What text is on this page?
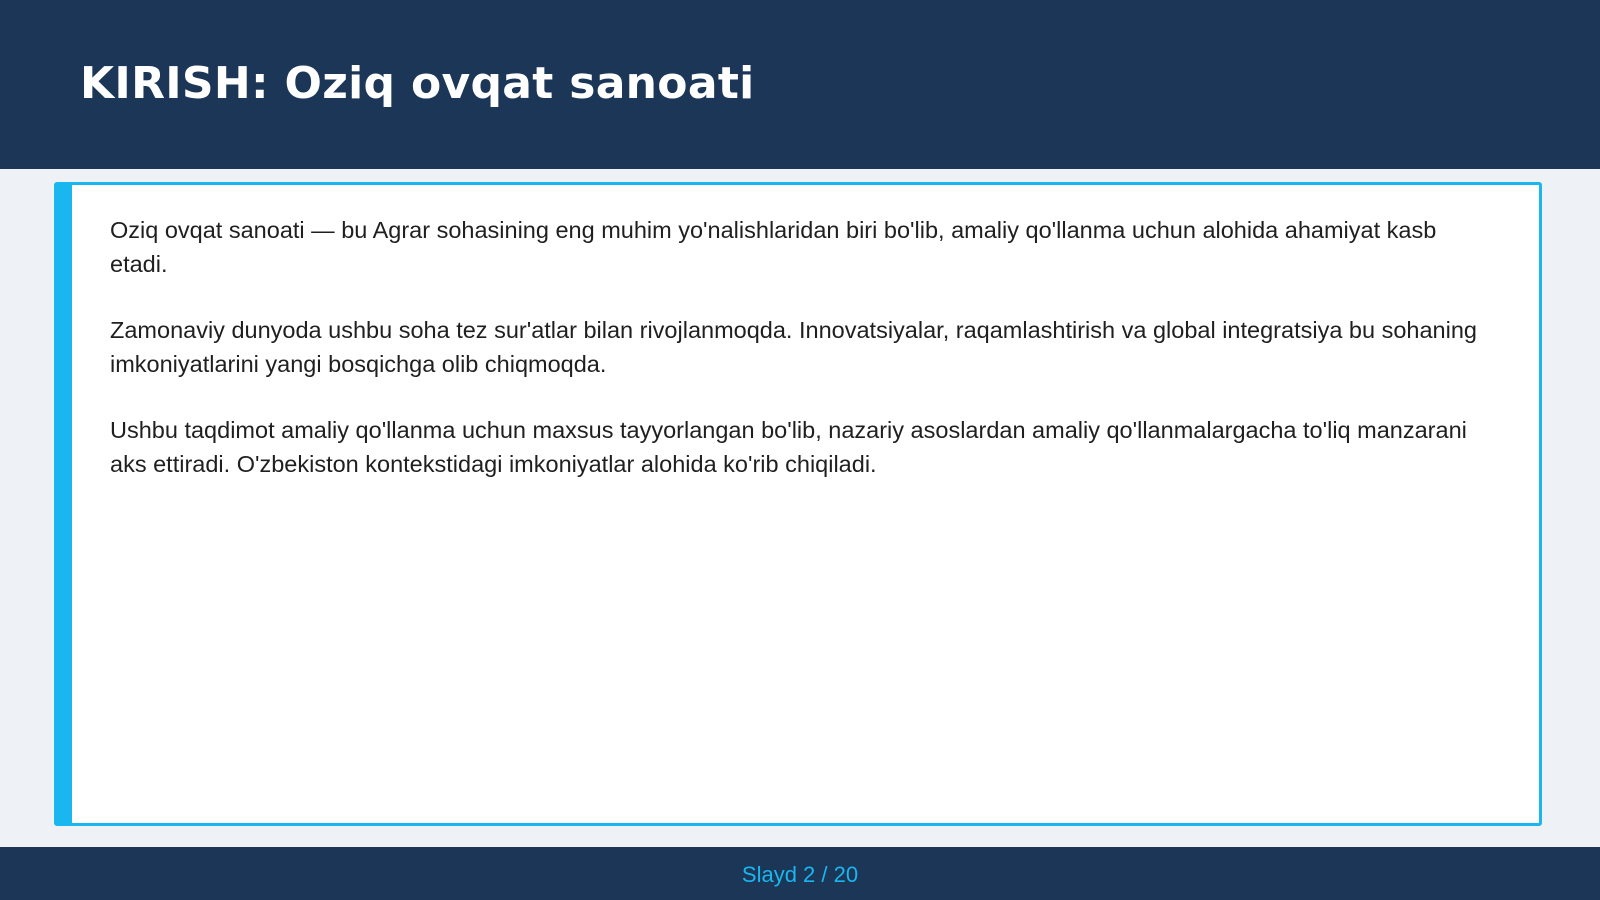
KIRISH: Oziq ovqat sanoati

Oziq ovqat sanoati — bu Agrar sohasining eng muhim yo'nalishlaridan biri bo'lib, amaliy qo'llanma uchun alohida ahamiyat kasb etadi.

Zamonaviy dunyoda ushbu soha tez sur'atlar bilan rivojlanmoqda. Innovatsiyalar, raqamlashtirish va global integratsiya bu sohaning imkoniyatlarini yangi bosqichga olib chiqmoqda.

Ushbu taqdimot amaliy qo'llanma uchun maxsus tayyorlangan bo'lib, nazariy asoslardan amaliy qo'llanmalargacha to'liq manzarani aks ettiradi. O'zbekiston kontekstidagi imkoniyatlar alohida ko'rib chiqiladi.

Slayd 2 / 20
